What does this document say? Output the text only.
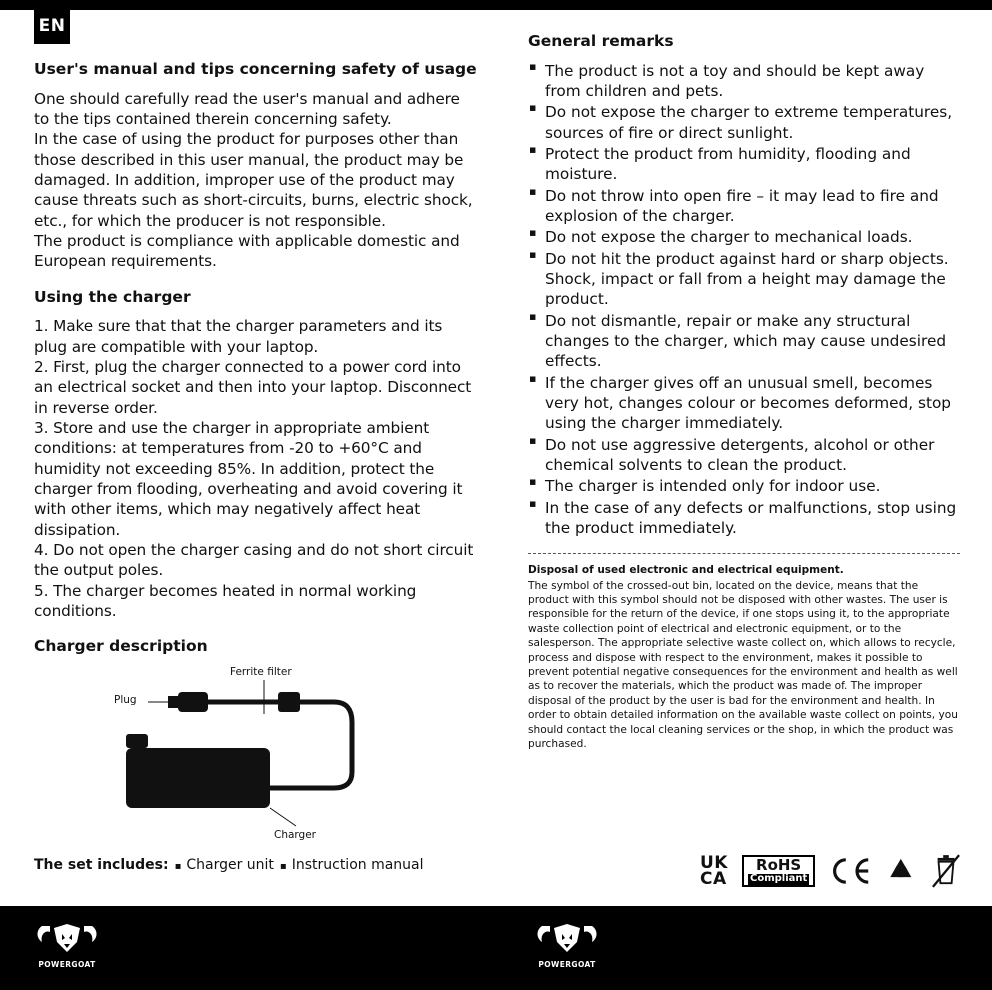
EN
User's manual and tips concerning safety of usage

One should carefully read the user's manual and adhere to the tips contained therein concerning safety.

In the case of using the product for purposes other than those described in this user manual, the product may be damaged. In addition, improper use of the product may cause threats such as short-circuits, burns, electric shock, etc., for which the producer is not responsible.

The product is compliance with applicable domestic and European requirements.

Using the charger

1. Make sure that that the charger parameters and its plug are compatible with your laptop.

2. First, plug the charger connected to a power cord into an electrical socket and then into your laptop. Disconnect in reverse order.

3. Store and use the charger in appropriate ambient conditions: at temperatures from -20 to +60°C and humidity not exceeding 85%. In addition, protect the charger from flooding, overheating and avoid covering it with other items, which may negatively affect heat dissipation.

4. Do not open the charger casing and do not short circuit the output poles.

5. The charger becomes heated in normal working conditions.

Charger description
Ferrite filter
Plug
Charger
General remarks
▪ The product is not a toy and should be kept away from children and pets.
▪ Do not expose the charger to extreme temperatures, sources of fire or direct sunlight.
▪ Protect the product from humidity, flooding and moisture.
▪ Do not throw into open fire – it may lead to fire and explosion of the charger.
▪ Do not expose the charger to mechanical loads.
▪ Do not hit the product against hard or sharp objects. Shock, impact or fall from a height may damage the product.
▪ Do not dismantle, repair or make any structural changes to the charger, which may cause undesired effects.
▪ If the charger gives off an unusual smell, becomes very hot, changes colour or becomes deformed, stop using the charger immediately.
▪ Do not use aggressive detergents, alcohol or other chemical solvents to clean the product.
▪ The charger is intended only for indoor use.
▪ In the case of any defects or malfunctions, stop using the product immediately.

Disposal of used electronic and electrical equipment.

The symbol of the crossed-out bin, located on the device, means that the product with this symbol should not be disposed with other wastes. The user is responsible for the return of the device, if one stops using it, to the appropriate waste collection point of electrical and electronic equipment, or to the salesperson. The appropriate selective waste collect on, which allows to recycle, process and dispose with respect to the environment, makes it possible to prevent potential negative consequences for the environment and health as well as to recover the materials, which the product was made of. The improper disposal of the product by the user is bad for the environment and health. In order to obtain detailed information on the available waste collect on points, you should contact the local cleaning services or the shop, in which the product was purchased.

The set includes: ▪ Charger unit ▪ Instruction manual	UK
CA
RoHS
Compliant
POWERGOAT	POWERGOAT
